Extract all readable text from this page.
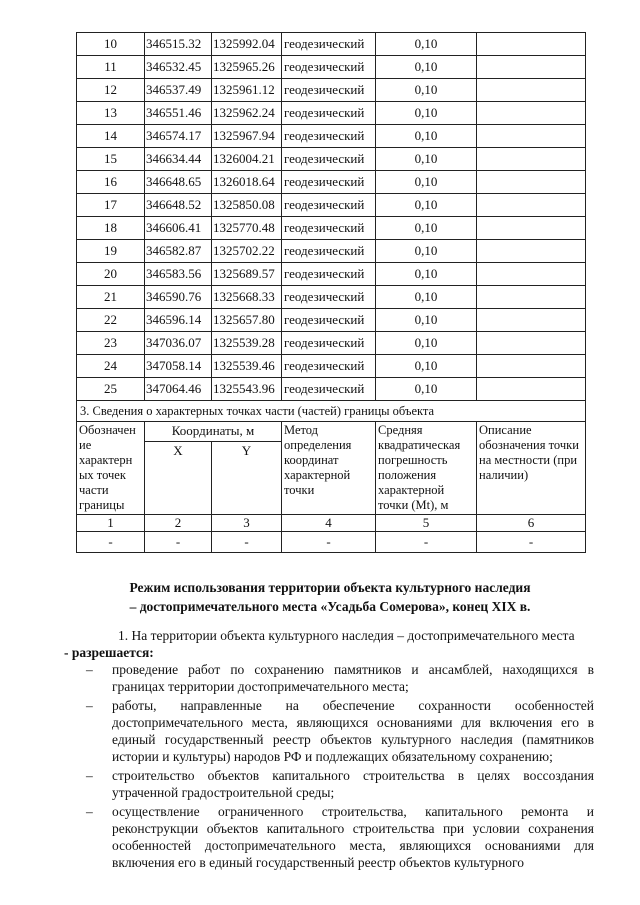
10	346515.32	1325992.04	геодезический	0,10	
11	346532.45	1325965.26	геодезический	0,10	
12	346537.49	1325961.12	геодезический	0,10	
13	346551.46	1325962.24	геодезический	0,10	
14	346574.17	1325967.94	геодезический	0,10	
15	346634.44	1326004.21	геодезический	0,10	
16	346648.65	1326018.64	геодезический	0,10	
17	346648.52	1325850.08	геодезический	0,10	
18	346606.41	1325770.48	геодезический	0,10	
19	346582.87	1325702.22	геодезический	0,10	
20	346583.56	1325689.57	геодезический	0,10	
21	346590.76	1325668.33	геодезический	0,10	
22	346596.14	1325657.80	геодезический	0,10	
23	347036.07	1325539.28	геодезический	0,10	
24	347058.14	1325539.46	геодезический	0,10	
25	347064.46	1325543.96	геодезический	0,10	
3. Сведения о характерных точках части (частей) границы объекта					
Обозначен ие характерн ых точек части границы	Координаты, м		Метод определения координат характерной точки	Средняя квадратическая погрешность положения характерной точки (Mt), м	Описание обозначения точки на местности (при наличии)
	X	Y			
1	2	3	4	5	6
-	-	-	-	-	-
Режим использования территории объекта культурного наследия
– достопримечательного места «Усадьба Сомерова», конец XIX в.
1. На территории объекта культурного наследия – достопримечательного места
- разрешается:
– проведение работ по сохранению памятников и ансамблей, находящихся в границах территории достопримечательного места;
– работы, направленные на обеспечение сохранности особенностей достопримечательного места, являющихся основаниями для включения его в единый государственный реестр объектов культурного наследия (памятников истории и культуры) народов РФ и подлежащих обязательному сохранению;
– строительство объектов капитального строительства в целях воссоздания утраченной градостроительной среды;
– осуществление ограниченного строительства, капитального ремонта и реконструкции объектов капитального строительства при условии сохранения особенностей достопримечательного места, являющихся основаниями для включения его в единый государственный реестр объектов культурного
